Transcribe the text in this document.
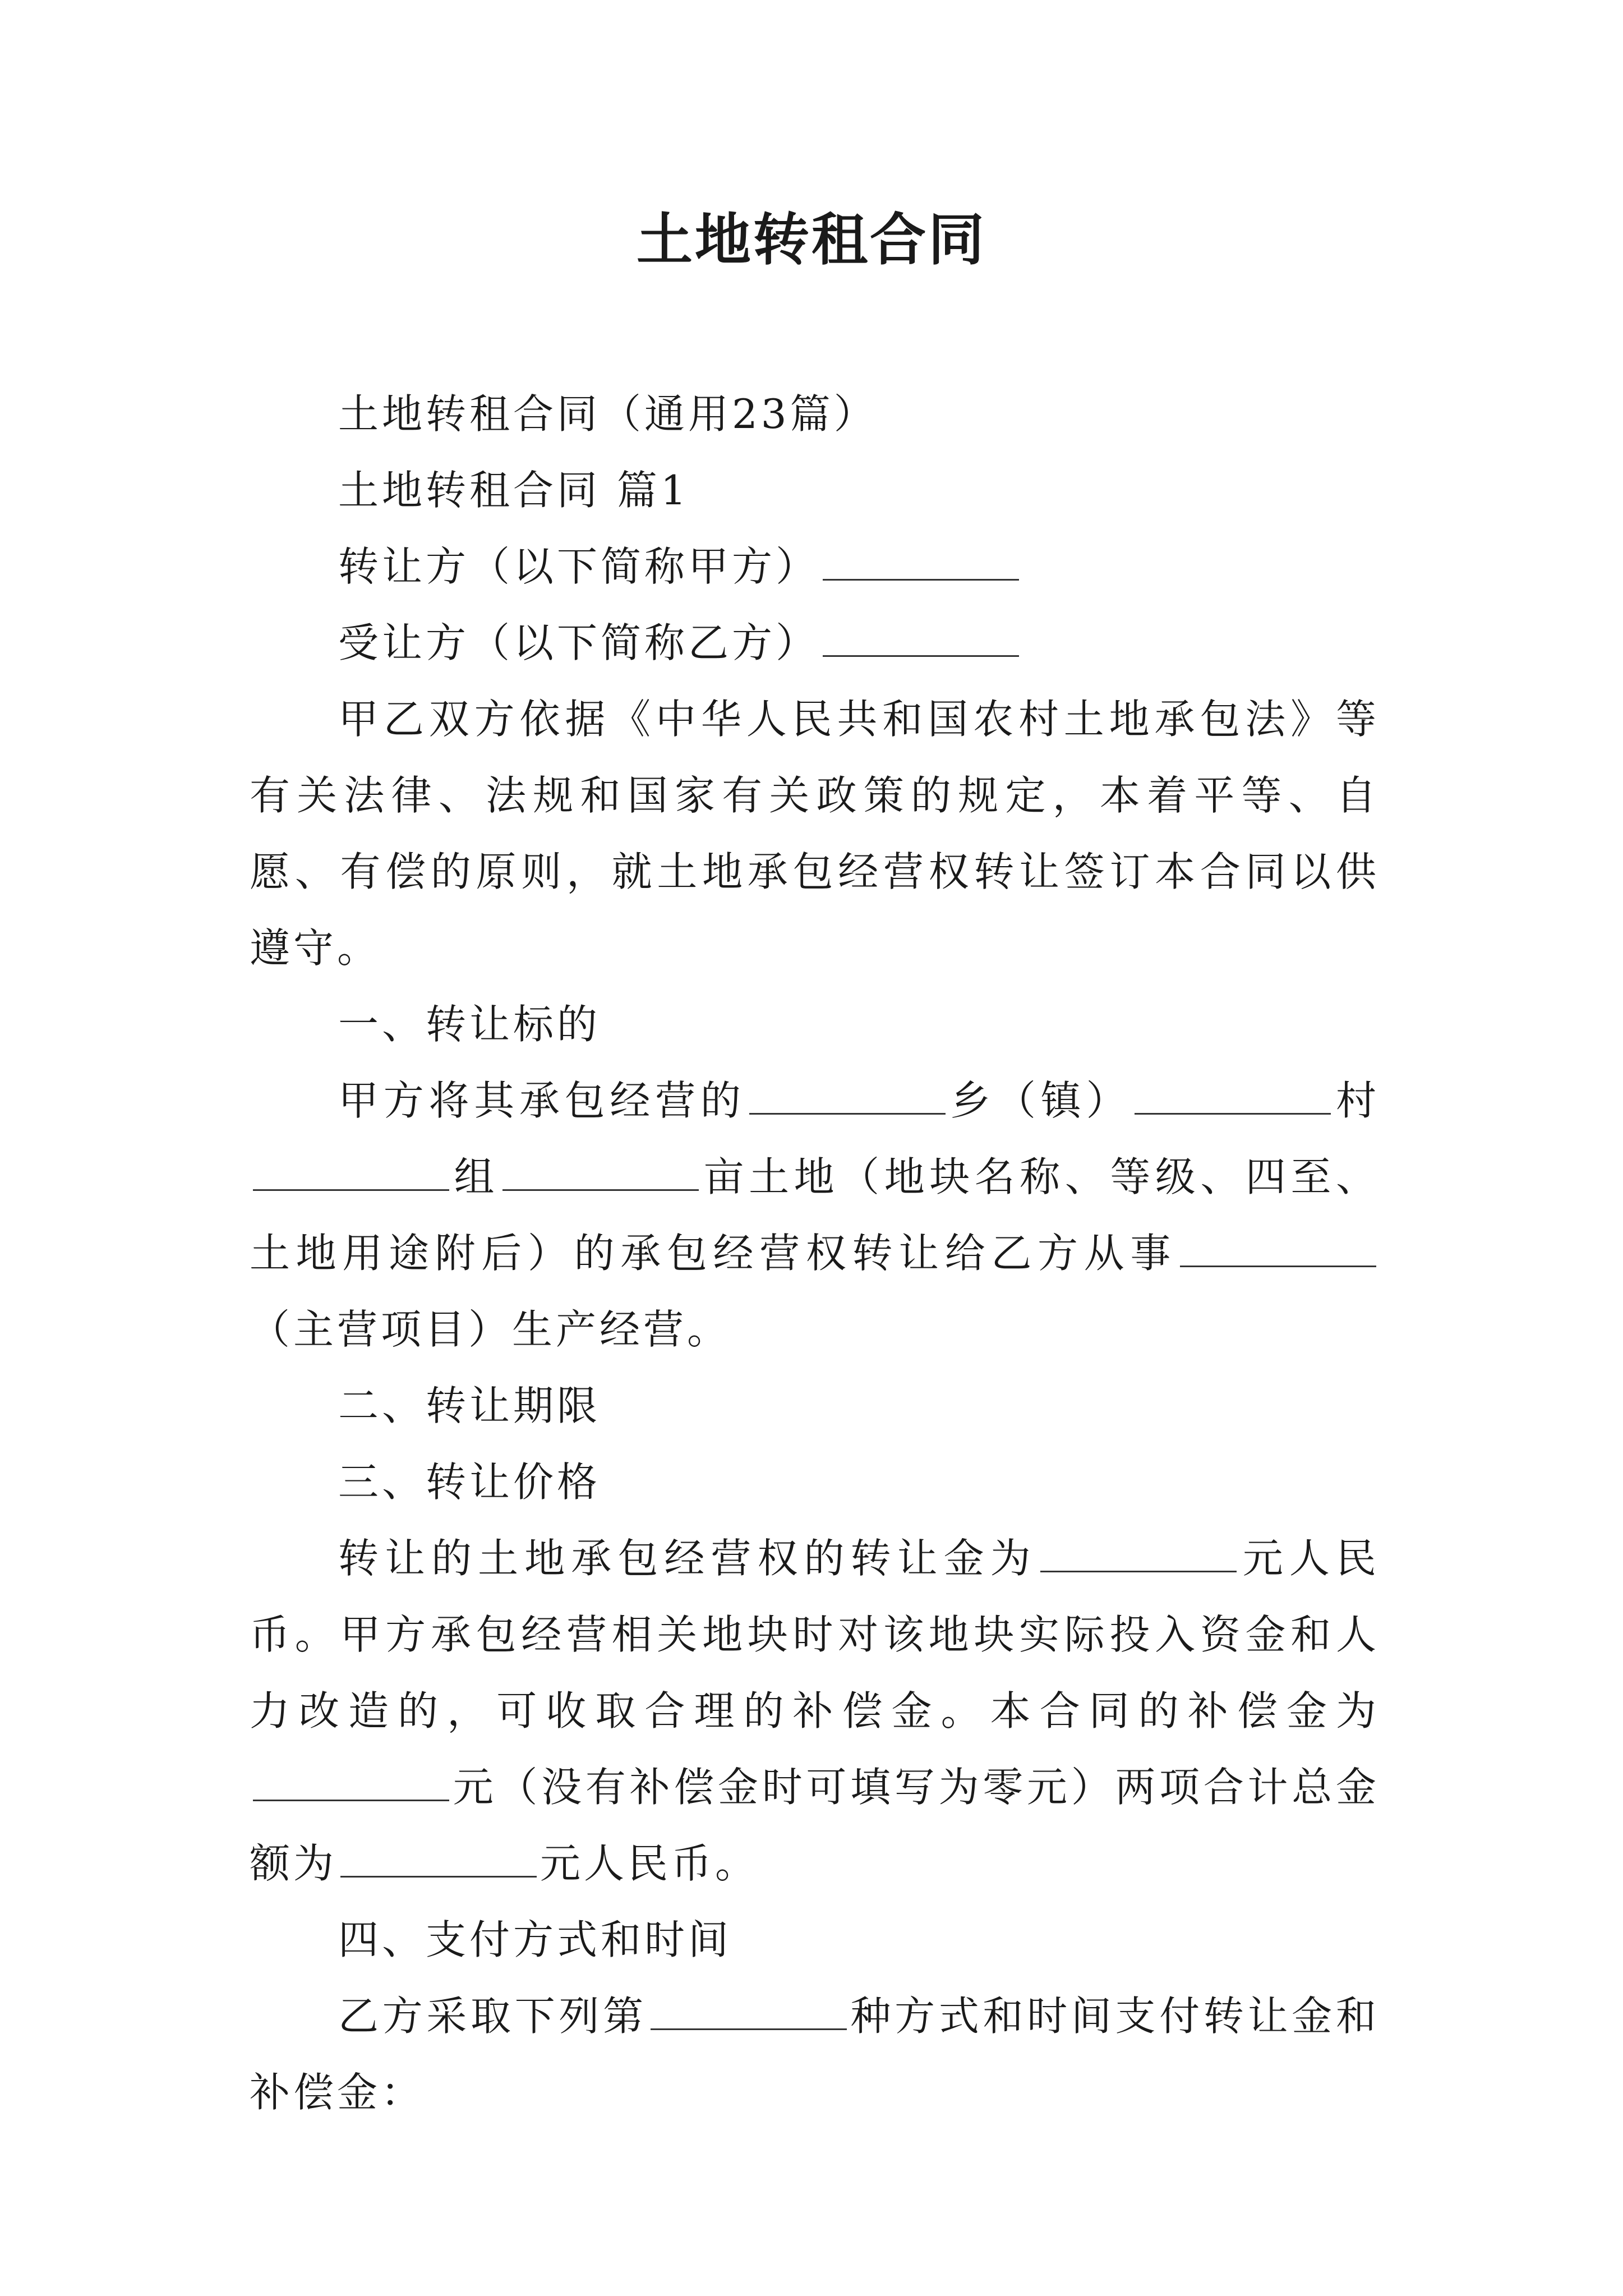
土地转租合同

土地转租合同（通用23篇）

土地转租合同 篇1

转让方（以下简称甲方）

受让方（以下简称乙方）

甲乙双方依据《中华人民共和国农村土地承包法》等有关法律、法规和国家有关政策的规定，本着平等、自愿、有偿的原则，就土地承包经营权转让签订本合同以供遵守。

一、转让标的

甲方将其承包经营的	乡（镇）	村组	亩土地（地块名称、等级、四至、土地用途附后）的承包经营权转让给乙方从事（主营项目）生产经营。

二、转让期限

三、转让价格

转让的土地承包经营权的转让金为	元人民币。甲方承包经营相关地块时对该地块实际投入资金和人力改造的，可收取合理的补偿金。本合同的补偿金为元（没有补偿金时可填写为零元）两项合计总金额为	元人民币。

四、支付方式和时间

乙方采取下列第	种方式和时间支付转让金和补偿金：
